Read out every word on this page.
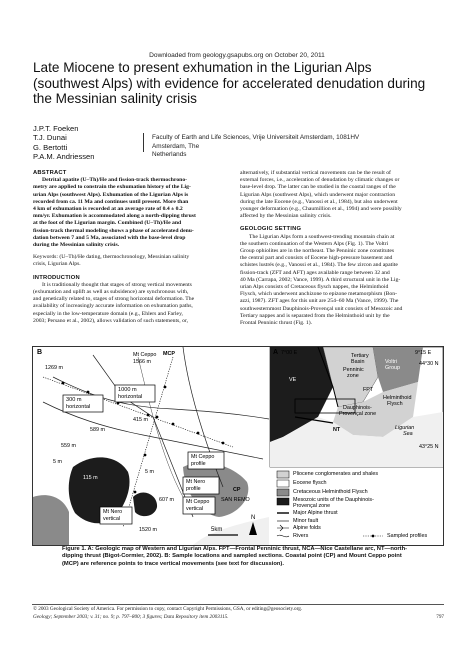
Downloaded from geology.gsapubs.org on October 20, 2011
Late Miocene to present exhumation in the Ligurian Alps
(southwest Alps) with evidence for accelerated denudation during
the Messinian salinity crisis
J.P.T. Foeken
T.J. Dunai
G. Bertotti
P.A.M. Andriessen
Faculty of Earth and Life Sciences, Vrije Universiteit Amsterdam, 1081HV Amsterdam, The
Netherlands
ABSTRACT
Detrital apatite (U–Th)/He and fission-track thermochrono-
metry are applied to constrain the exhumation history of the Lig-
urian Alps (southwest Alps). Exhumation of the Ligurian Alps is
recorded from ca. 11 Ma and continues until present. More than
4 km of exhumation is recorded at an average rate of 0.4 ± 0.2
mm/yr. Exhumation is accommodated along a north-dipping thrust
at the foot of the Ligurian margin. Combined (U–Th)/He and
fission-track thermal modeling shows a phase of accelerated denu-
dation between 7 and 5 Ma, associated with the base-level drop
during the Messinian salinity crisis.
Keywords: (U–Th)/He dating, thermochronology, Messinian salinity
crisis, Ligurian Alps.
INTRODUCTION
It is traditionally thought that stages of strong vertical movements
(exhumation and uplift as well as subsidence) are synchronous with,
and genetically related to, stages of strong horizontal deformation. The
availability of increasingly accurate information on exhumation paths,
especially in the low-temperature domain (e.g., Ehlers and Farley,
2003; Persano et al., 2002), allows validation of such statements, or,
alternatively, if substantial vertical movements can be the result of
external forces, i.e., acceleration of denudation by climatic changes or
base-level drop. The latter can be studied in the coastal ranges of the
Ligurian Alps (southwest Alps), which underwent major contraction
during the late Eocene (e.g., Vanossi et al., 1984), but also underwent
younger deformation (e.g., Chaumillion et al., 1994) and were possibly
affected by the Messinian salinity crisis.
GEOLOGIC SETTING
The Ligurian Alps form a southwest-trending mountain chain at
the southern continuation of the Western Alps (Fig. 1). The Voltri
Group ophiolites are in the northeast. The Penninic zone constitutes
the central part and consists of Eocene high-pressure basement and
schistes lustrés (e.g., Vanossi et al., 1984). The few zircon and apatite
fission-track (ZFT and AFT) ages available range between 32 and
40 Ma (Carrapa, 2002; Vance, 1999). A third structural unit in the Lig-
urian Alps consists of Cretaceous flysch nappes, the Helminthoid
Flysch, which underwent anchizone to epizone metamorphism (Bon-
azzi, 1987). ZFT ages for this unit are 254–60 Ma (Vance, 1999). The
southwesternmost Dauphinois-Provençal unit consists of Mesozoic and
Tertiary nappes and is separated from the Helminthoid unit by the
Frontal Penninic thrust (Fig. 1).
B	Mt Ceppo
1566 m
MCP
300 m
horizontal
1000 m
horizontal
Mt Ceppo
profile
Mt Nero
profile
Mt Nero
vertical
Mt Ceppo
vertical
SAN REMO
CP
A 7°00 E	9°15 E
44°30 N
43°25 N
VE
Penninic
zone
Dauphinois-
Provençal zone
Voltri
Group
Tertiary
Basin
Ligurian
Sea
NT
Helminthoid
Flysch
5km
N
1269 m
415 m
589 m
559 m
5 m
5 m
115 m
607 m
1520 m
FPT
Pliocene conglomerates and shales
Eocene flysch
Cretaceous Helminthoid Flysch
Mesozoic units of the Dauphinois-
Provençal zone
Major Alpine thrust
Minor fault
Alpine folds
Rivers	Sampled profiles
Figure 1. A: Geologic map of Western and Ligurian Alps. FPT—Frontal Penninic thrust, NCA—Nice Castellane arc, NT—north-
dipping thrust (Bigot-Cormier, 2002). B: Sample locations and sampled sections. Coastal point (CP) and Mount Ceppo point
(MCP) are reference points to trace vertical movements (see text for discussion).
© 2003 Geological Society of America. For permission to copy, contact Copyright Permissions, GSA, or editing@geosociety.org.
Geology; September 2003; v. 31; no. 9; p. 797–800; 3 figures; Data Repository item 2003115.	797
